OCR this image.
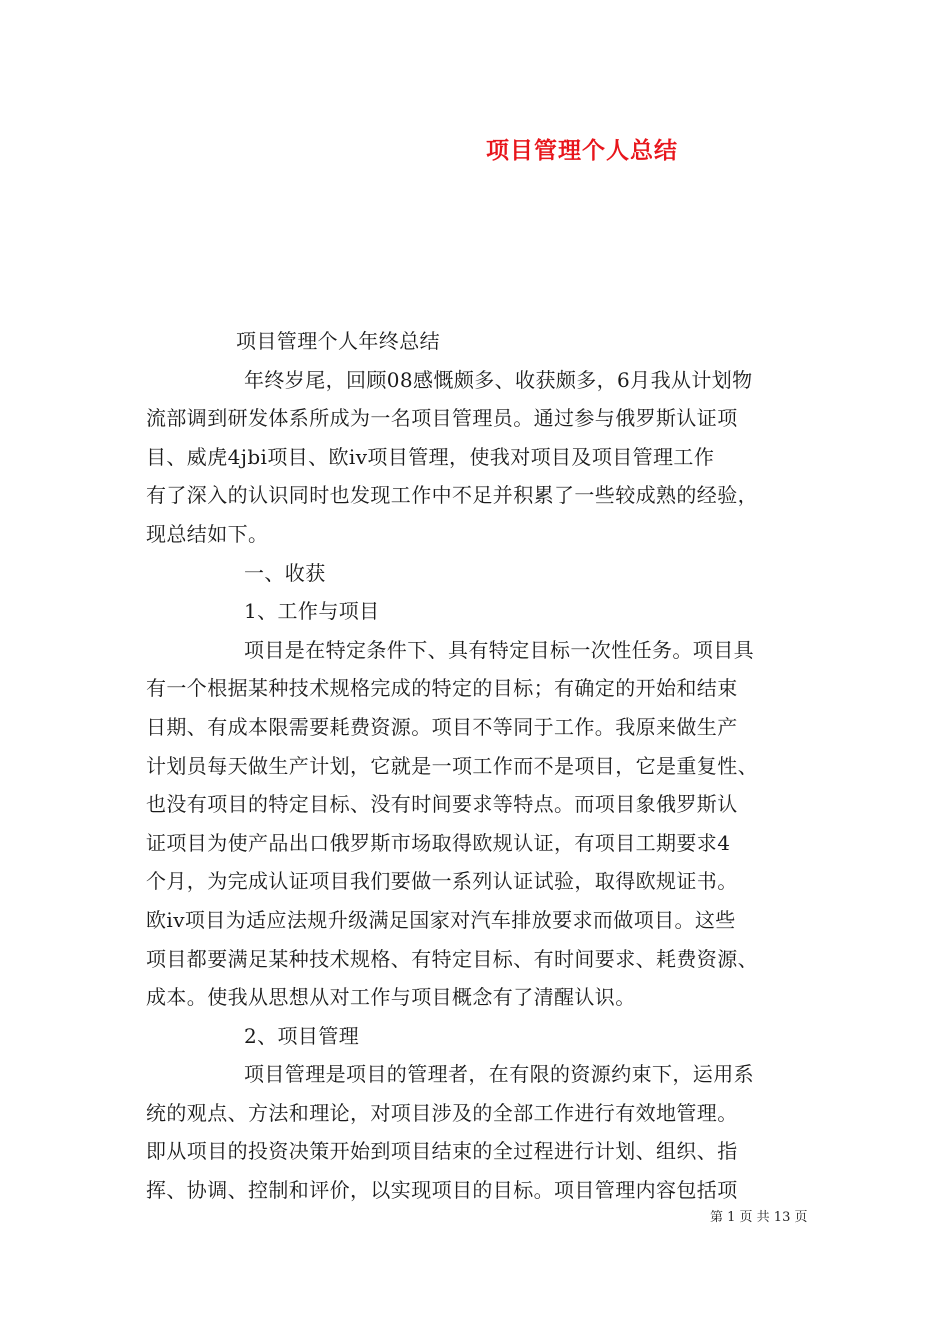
项目管理个人总结
项目管理个人年终总结
年终岁尾，回顾08感慨颇多、收获颇多，6月我从计划物
流部调到研发体系所成为一名项目管理员。通过参与俄罗斯认证项
目、威虎4jbi项目、欧iv项目管理，使我对项目及项目管理工作
有了深入的认识同时也发现工作中不足并积累了一些较成熟的经验，
现总结如下。
一、收获
1、工作与项目
项目是在特定条件下、具有特定目标一次性任务。项目具
有一个根据某种技术规格完成的特定的目标；有确定的开始和结束
日期、有成本限需要耗费资源。项目不等同于工作。我原来做生产
计划员每天做生产计划，它就是一项工作而不是项目，它是重复性、
也没有项目的特定目标、没有时间要求等特点。而项目象俄罗斯认
证项目为使产品出口俄罗斯市场取得欧规认证，有项目工期要求4
个月，为完成认证项目我们要做一系列认证试验，取得欧规证书。
欧iv项目为适应法规升级满足国家对汽车排放要求而做项目。这些
项目都要满足某种技术规格、有特定目标、有时间要求、耗费资源、
成本。使我从思想从对工作与项目概念有了清醒认识。
2、项目管理
项目管理是项目的管理者，在有限的资源约束下，运用系
统的观点、方法和理论，对项目涉及的全部工作进行有效地管理。
即从项目的投资决策开始到项目结束的全过程进行计划、组织、指
挥、协调、控制和评价，以实现项目的目标。项目管理内容包括项
第 1 页 共 13 页
